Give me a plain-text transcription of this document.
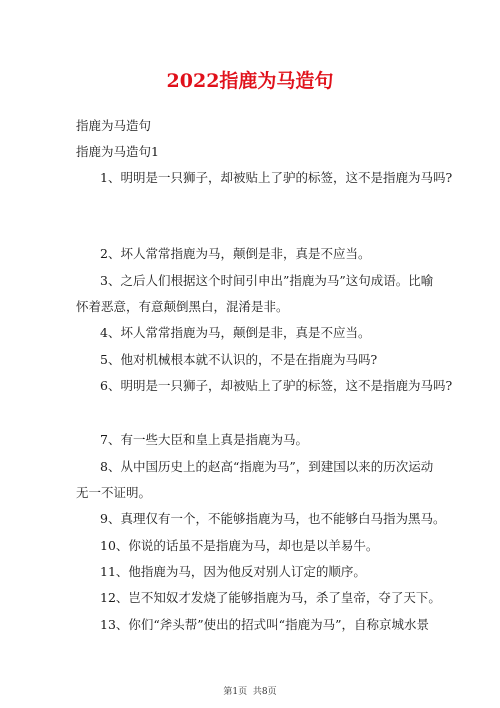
2022指鹿为马造句
指鹿为马造句
指鹿为马造句1
1、明明是一只狮子，却被贴上了驴的标签，这不是指鹿为马吗?
2、坏人常常指鹿为马，颠倒是非，真是不应当。
3、之后人们根据这个时间引申出”指鹿为马”这句成语。比喻
怀着恶意，有意颠倒黑白，混淆是非。
4、坏人常常指鹿为马，颠倒是非，真是不应当。
5、他对机械根本就不认识的，不是在指鹿为马吗?
6、明明是一只狮子，却被贴上了驴的标签，这不是指鹿为马吗?
7、有一些大臣和皇上真是指鹿为马。
8、从中国历史上的赵高“指鹿为马”，到建国以来的历次运动
无一不证明。
9、真理仅有一个，不能够指鹿为马，也不能够白马指为黑马。
10、你说的话虽不是指鹿为马，却也是以羊易牛。
11、他指鹿为马，因为他反对别人订定的顺序。
12、岂不知奴才发烧了能够指鹿为马，杀了皇帝，夺了天下。
13、你们“斧头帮”使出的招式叫“指鹿为马”，自称京城水景
第1页  共8页
